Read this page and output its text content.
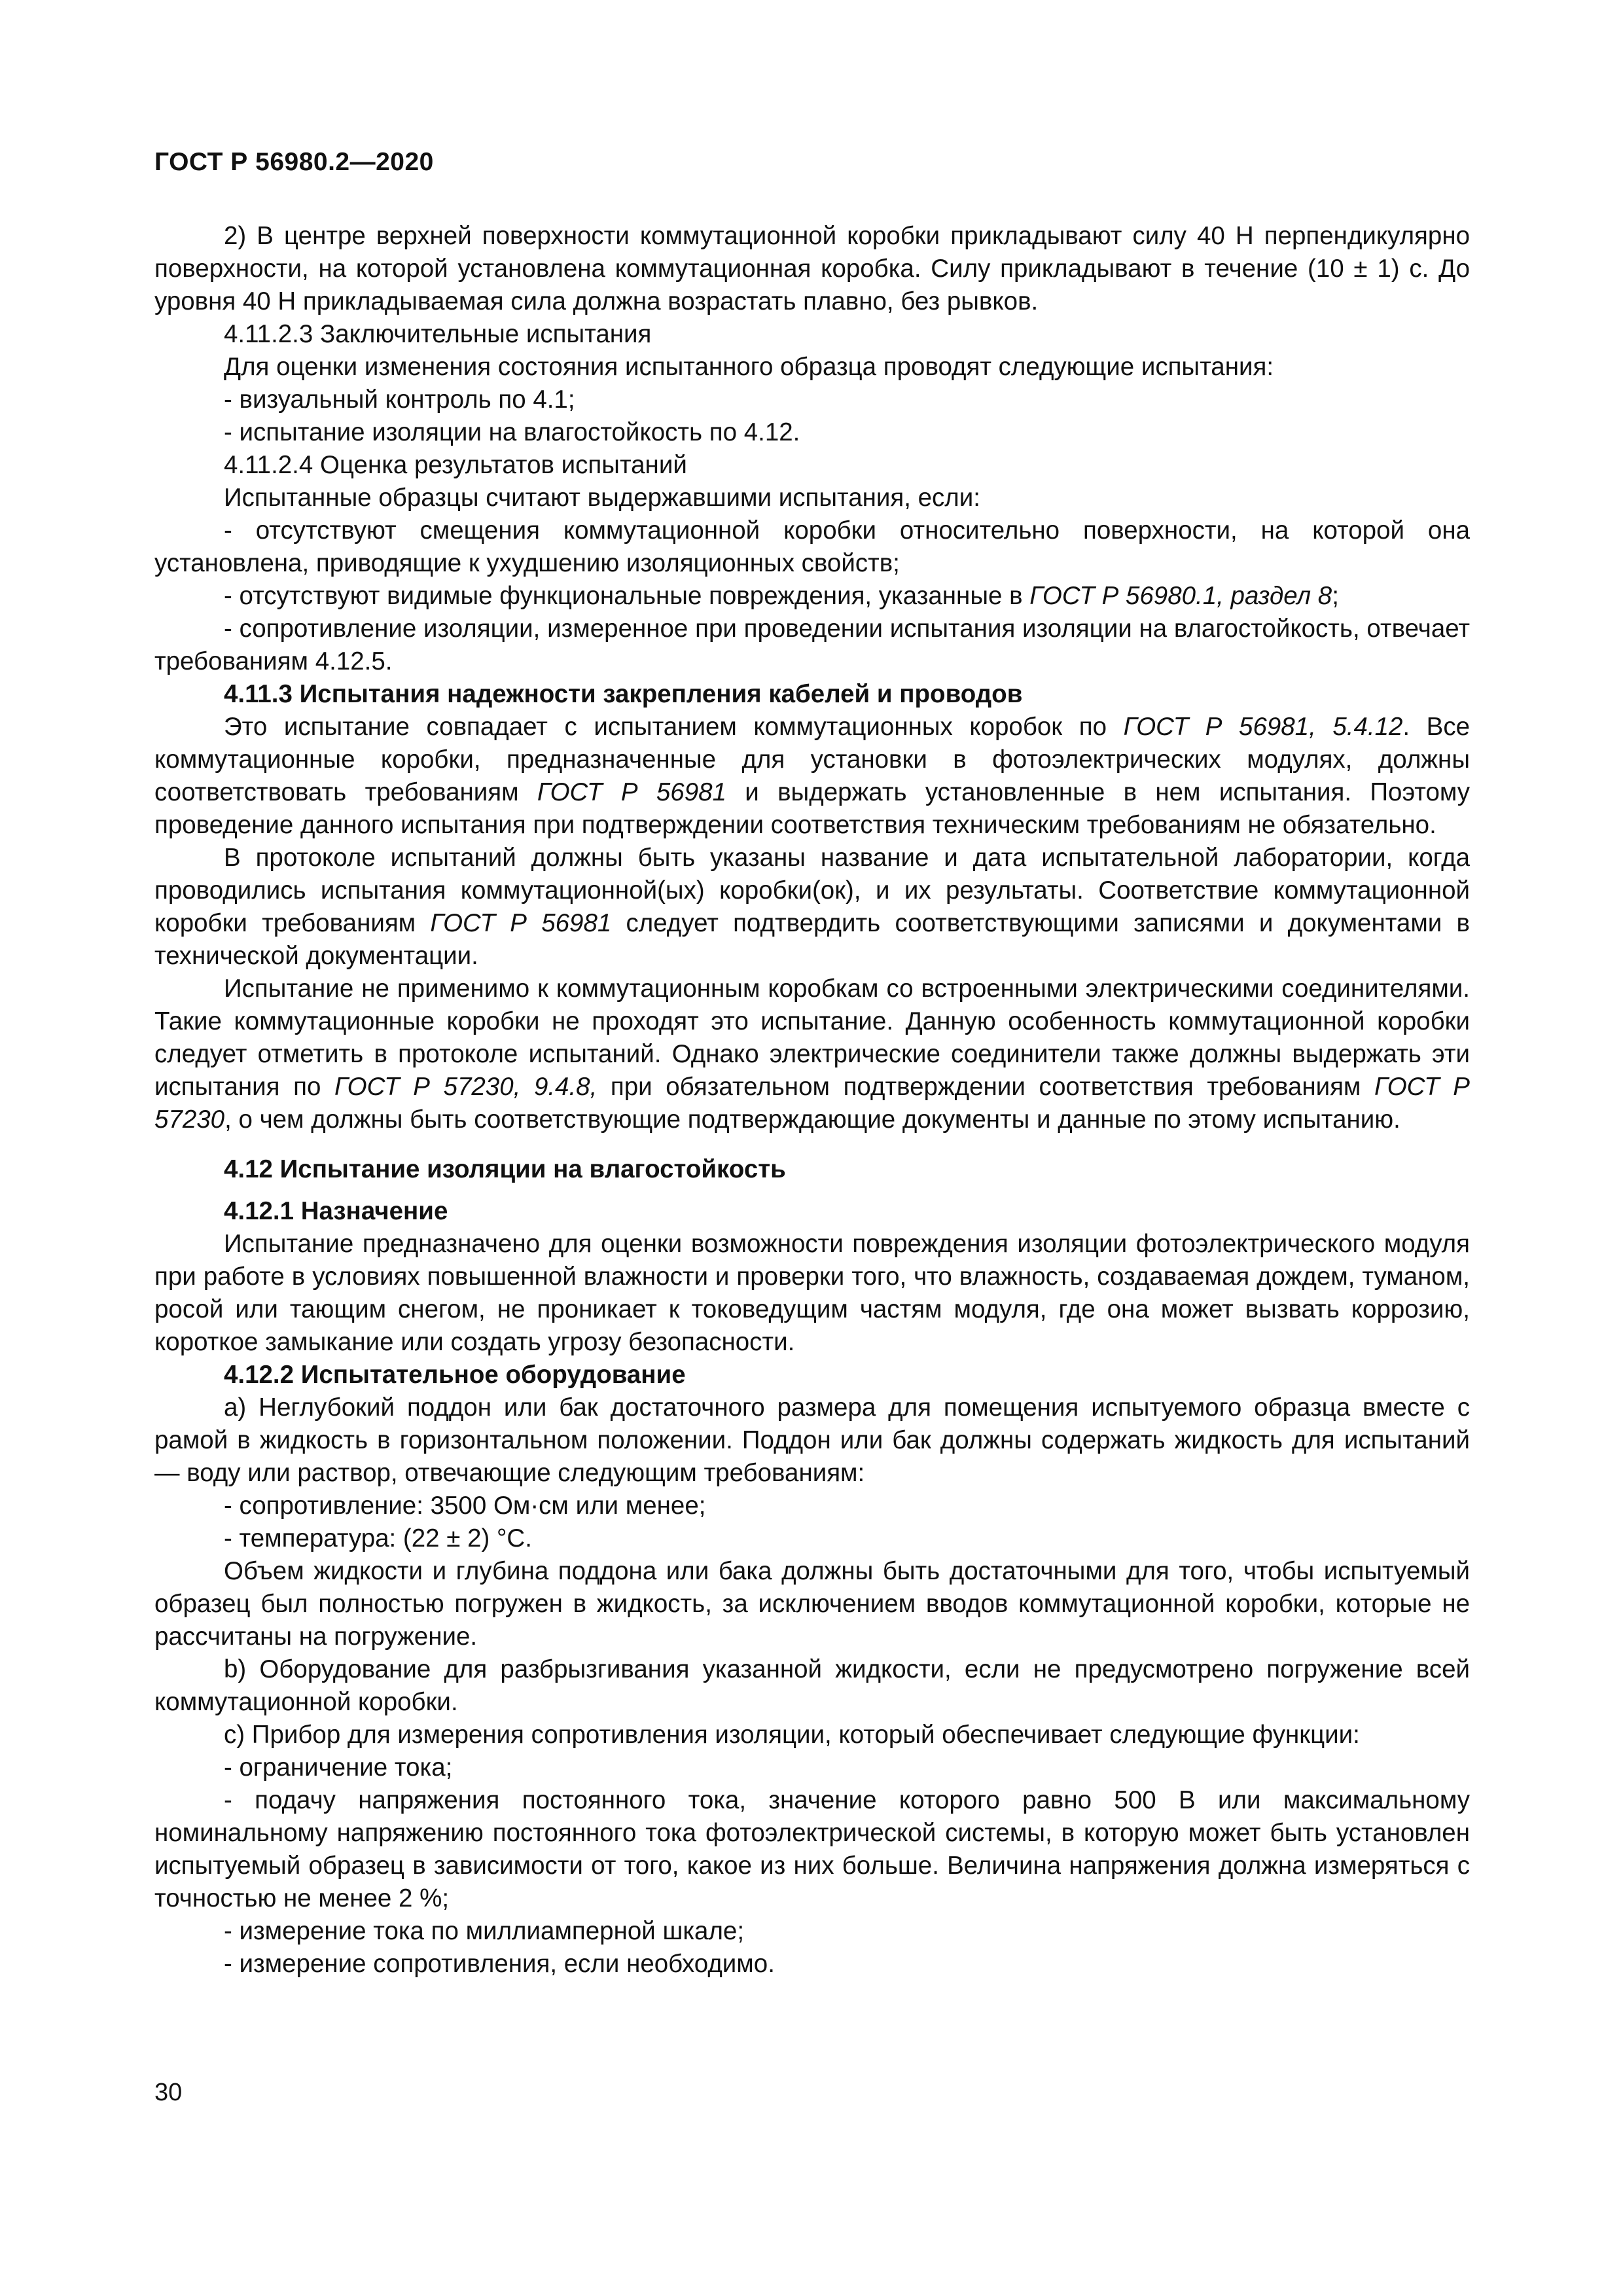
ГОСТ Р 56980.2—2020

2) В центре верхней поверхности коммутационной коробки прикладывают силу 40 Н перпендикулярно поверхности, на которой установлена коммутационная коробка. Силу прикладывают в течение (10 ± 1) с. До уровня 40 Н прикладываемая сила должна возрастать плавно, без рывков.

4.11.2.3 Заключительные испытания

Для оценки изменения состояния испытанного образца проводят следующие испытания:

- визуальный контроль по 4.1;

- испытание изоляции на влагостойкость по 4.12.

4.11.2.4 Оценка результатов испытаний

Испытанные образцы считают выдержавшими испытания, если:

- отсутствуют смещения коммутационной коробки относительно поверхности, на которой она установлена, приводящие к ухудшению изоляционных свойств;

- отсутствуют видимые функциональные повреждения, указанные в ГОСТ Р 56980.1, раздел 8;

- сопротивление изоляции, измеренное при проведении испытания изоляции на влагостойкость, отвечает требованиям 4.12.5.

4.11.3 Испытания надежности закрепления кабелей и проводов

Это испытание совпадает с испытанием коммутационных коробок по ГОСТ Р 56981, 5.4.12. Все коммутационные коробки, предназначенные для установки в фотоэлектрических модулях, должны соответствовать требованиям ГОСТ Р 56981 и выдержать установленные в нем испытания. Поэтому проведение данного испытания при подтверждении соответствия техническим требованиям не обязательно.

В протоколе испытаний должны быть указаны название и дата испытательной лаборатории, когда проводились испытания коммутационной(ых) коробки(ок), и их результаты. Соответствие коммутационной коробки требованиям ГОСТ Р 56981 следует подтвердить соответствующими записями и документами в технической документации.

Испытание не применимо к коммутационным коробкам со встроенными электрическими соединителями. Такие коммутационные коробки не проходят это испытание. Данную особенность коммутационной коробки следует отметить в протоколе испытаний. Однако электрические соединители также должны выдержать эти испытания по ГОСТ Р 57230, 9.4.8, при обязательном подтверждении соответствия требованиям ГОСТ Р 57230, о чем должны быть соответствующие подтверждающие документы и данные по этому испытанию.

4.12 Испытание изоляции на влагостойкость

4.12.1 Назначение

Испытание предназначено для оценки возможности повреждения изоляции фотоэлектрического модуля при работе в условиях повышенной влажности и проверки того, что влажность, создаваемая дождем, туманом, росой или тающим снегом, не проникает к токоведущим частям модуля, где она может вызвать коррозию, короткое замыкание или создать угрозу безопасности.

4.12.2 Испытательное оборудование

a) Неглубокий поддон или бак достаточного размера для помещения испытуемого образца вместе с рамой в жидкость в горизонтальном положении. Поддон или бак должны содержать жидкость для испытаний — воду или раствор, отвечающие следующим требованиям:

- сопротивление: 3500 Ом·см или менее;

- температура: (22 ± 2) °С.

Объем жидкости и глубина поддона или бака должны быть достаточными для того, чтобы испытуемый образец был полностью погружен в жидкость, за исключением вводов коммутационной коробки, которые не рассчитаны на погружение.

b) Оборудование для разбрызгивания указанной жидкости, если не предусмотрено погружение всей коммутационной коробки.

c) Прибор для измерения сопротивления изоляции, который обеспечивает следующие функции:

- ограничение тока;

- подачу напряжения постоянного тока, значение которого равно 500 В или максимальному номинальному напряжению постоянного тока фотоэлектрической системы, в которую может быть установлен испытуемый образец в зависимости от того, какое из них больше. Величина напряжения должна измеряться с точностью не менее 2 %;

- измерение тока по миллиамперной шкале;

- измерение сопротивления, если необходимо.

30
